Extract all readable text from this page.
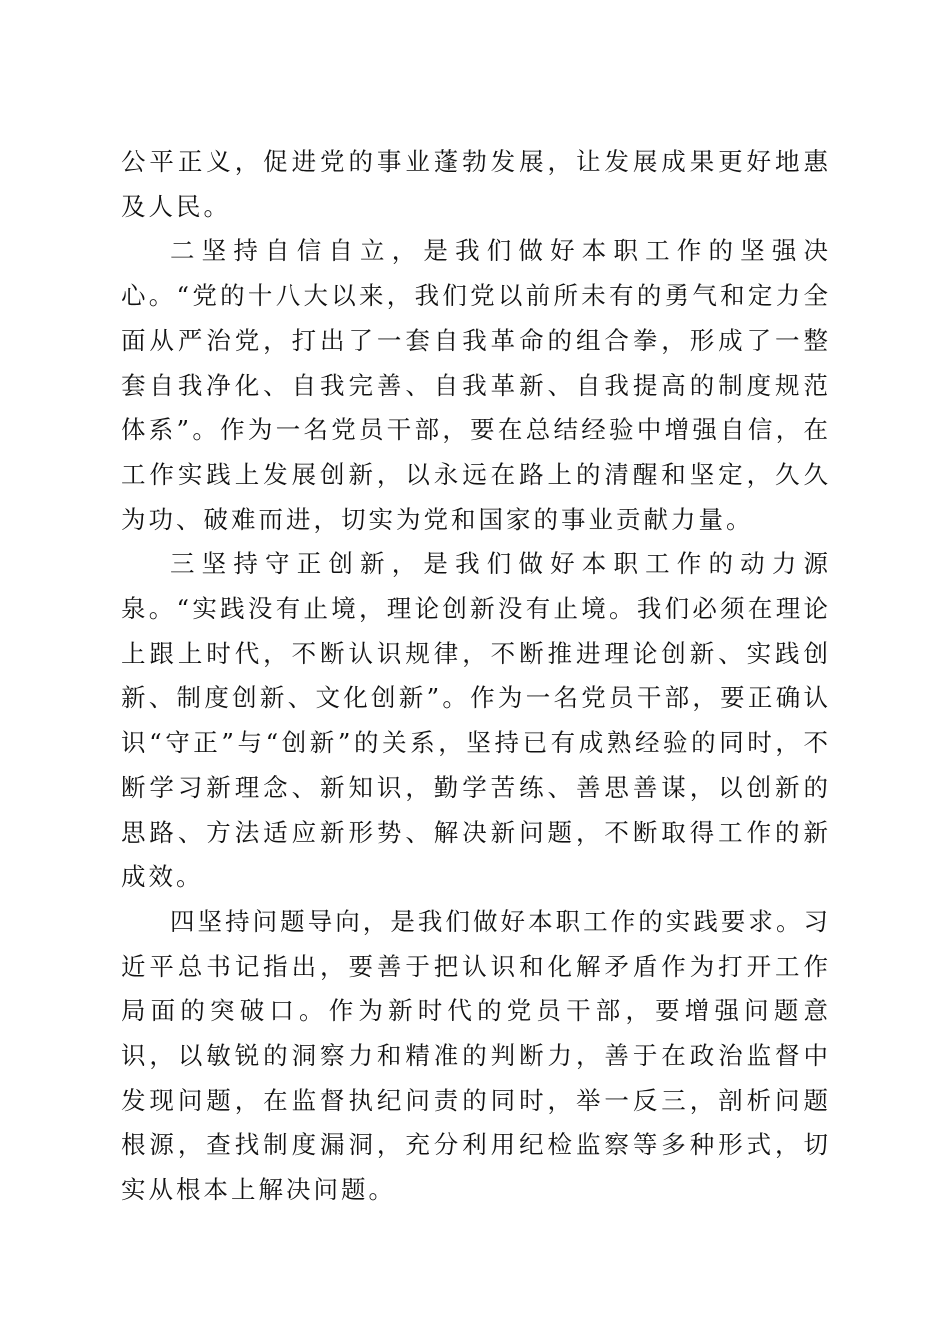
公平正义，促进党的事业蓬勃发展，让发展成果更好地惠及人民。

二坚持自信自立，是我们做好本职工作的坚强决心。“党的十八大以来，我们党以前所未有的勇气和定力全面从严治党，打出了一套自我革命的组合拳，形成了一整套自我净化、自我完善、自我革新、自我提高的制度规范体系”。作为一名党员干部，要在总结经验中增强自信，在工作实践上发展创新，以永远在路上的清醒和坚定，久久为功、破难而进，切实为党和国家的事业贡献力量。

三坚持守正创新，是我们做好本职工作的动力源泉。“实践没有止境，理论创新没有止境。我们必须在理论上跟上时代，不断认识规律，不断推进理论创新、实践创新、制度创新、文化创新”。作为一名党员干部，要正确认识“守正”与“创新”的关系，坚持已有成熟经验的同时，不断学习新理念、新知识，勤学苦练、善思善谋，以创新的思路、方法适应新形势、解决新问题，不断取得工作的新成效。

四坚持问题导向，是我们做好本职工作的实践要求。习近平总书记指出，要善于把认识和化解矛盾作为打开工作局面的突破口。作为新时代的党员干部，要增强问题意识，以敏锐的洞察力和精准的判断力，善于在政治监督中发现问题，在监督执纪问责的同时，举一反三，剖析问题根源，查找制度漏洞，充分利用纪检监察等多种形式，切实从根本上解决问题。
